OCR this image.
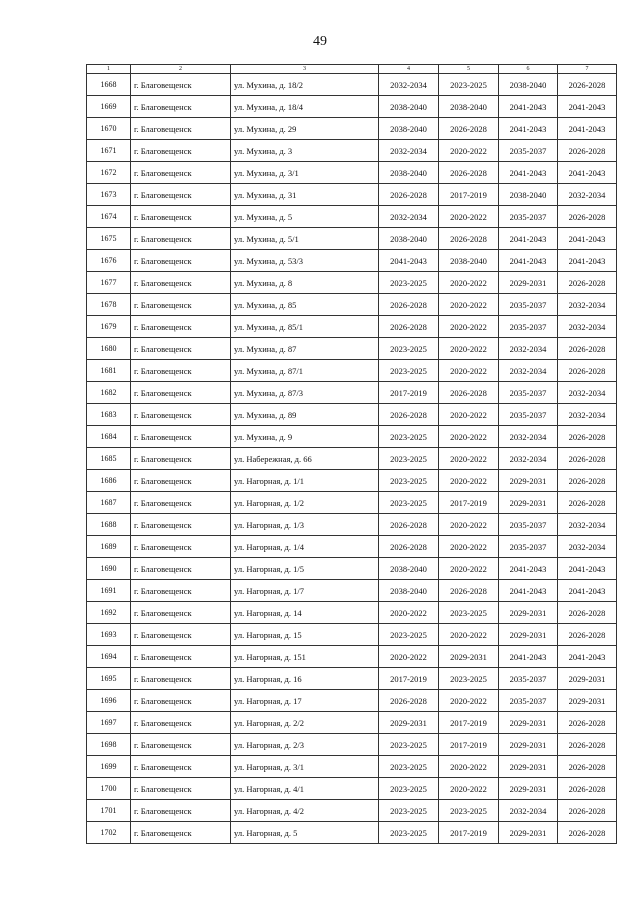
49
1	2	3	4	5	6	7
1668	г. Благовещенск	ул. Мухина, д. 18/2	2032-2034	2023-2025	2038-2040	2026-2028
1669	г. Благовещенск	ул. Мухина, д. 18/4	2038-2040	2038-2040	2041-2043	2041-2043
1670	г. Благовещенск	ул. Мухина, д. 29	2038-2040	2026-2028	2041-2043	2041-2043
1671	г. Благовещенск	ул. Мухина, д. 3	2032-2034	2020-2022	2035-2037	2026-2028
1672	г. Благовещенск	ул. Мухина, д. 3/1	2038-2040	2026-2028	2041-2043	2041-2043
1673	г. Благовещенск	ул. Мухина, д. 31	2026-2028	2017-2019	2038-2040	2032-2034
1674	г. Благовещенск	ул. Мухина, д. 5	2032-2034	2020-2022	2035-2037	2026-2028
1675	г. Благовещенск	ул. Мухина, д. 5/1	2038-2040	2026-2028	2041-2043	2041-2043
1676	г. Благовещенск	ул. Мухина, д. 53/3	2041-2043	2038-2040	2041-2043	2041-2043
1677	г. Благовещенск	ул. Мухина, д. 8	2023-2025	2020-2022	2029-2031	2026-2028
1678	г. Благовещенск	ул. Мухина, д. 85	2026-2028	2020-2022	2035-2037	2032-2034
1679	г. Благовещенск	ул. Мухина, д. 85/1	2026-2028	2020-2022	2035-2037	2032-2034
1680	г. Благовещенск	ул. Мухина, д. 87	2023-2025	2020-2022	2032-2034	2026-2028
1681	г. Благовещенск	ул. Мухина, д. 87/1	2023-2025	2020-2022	2032-2034	2026-2028
1682	г. Благовещенск	ул. Мухина, д. 87/3	2017-2019	2026-2028	2035-2037	2032-2034
1683	г. Благовещенск	ул. Мухина, д. 89	2026-2028	2020-2022	2035-2037	2032-2034
1684	г. Благовещенск	ул. Мухина, д. 9	2023-2025	2020-2022	2032-2034	2026-2028
1685	г. Благовещенск	ул. Набережная, д. 66	2023-2025	2020-2022	2032-2034	2026-2028
1686	г. Благовещенск	ул. Нагорная, д. 1/1	2023-2025	2020-2022	2029-2031	2026-2028
1687	г. Благовещенск	ул. Нагорная, д. 1/2	2023-2025	2017-2019	2029-2031	2026-2028
1688	г. Благовещенск	ул. Нагорная, д. 1/3	2026-2028	2020-2022	2035-2037	2032-2034
1689	г. Благовещенск	ул. Нагорная, д. 1/4	2026-2028	2020-2022	2035-2037	2032-2034
1690	г. Благовещенск	ул. Нагорная, д. 1/5	2038-2040	2020-2022	2041-2043	2041-2043
1691	г. Благовещенск	ул. Нагорная, д. 1/7	2038-2040	2026-2028	2041-2043	2041-2043
1692	г. Благовещенск	ул. Нагорная, д. 14	2020-2022	2023-2025	2029-2031	2026-2028
1693	г. Благовещенск	ул. Нагорная, д. 15	2023-2025	2020-2022	2029-2031	2026-2028
1694	г. Благовещенск	ул. Нагорная, д. 151	2020-2022	2029-2031	2041-2043	2041-2043
1695	г. Благовещенск	ул. Нагорная, д. 16	2017-2019	2023-2025	2035-2037	2029-2031
1696	г. Благовещенск	ул. Нагорная, д. 17	2026-2028	2020-2022	2035-2037	2029-2031
1697	г. Благовещенск	ул. Нагорная, д. 2/2	2029-2031	2017-2019	2029-2031	2026-2028
1698	г. Благовещенск	ул. Нагорная, д. 2/3	2023-2025	2017-2019	2029-2031	2026-2028
1699	г. Благовещенск	ул. Нагорная, д. 3/1	2023-2025	2020-2022	2029-2031	2026-2028
1700	г. Благовещенск	ул. Нагорная, д. 4/1	2023-2025	2020-2022	2029-2031	2026-2028
1701	г. Благовещенск	ул. Нагорная, д. 4/2	2023-2025	2023-2025	2032-2034	2026-2028
1702	г. Благовещенск	ул. Нагорная, д. 5	2023-2025	2017-2019	2029-2031	2026-2028
